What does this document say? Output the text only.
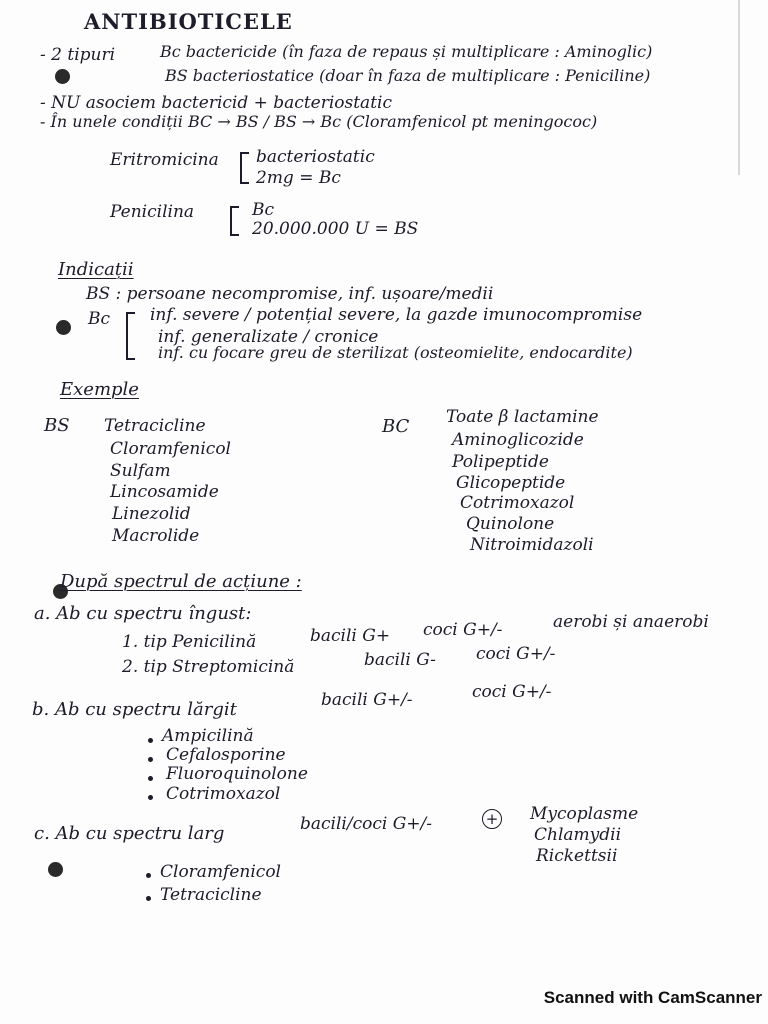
ANTIBIOTICELE
- 2 tipuri	Bc bactericide (în faza de repaus și multiplicare : Aminoglic)
BS bacteriostatice (doar în faza de multiplicare : Peniciline)
- NU asociem bactericid + bacteriostatic
- În unele condiții BC → BS / BS → Bc (Cloramfenicol pt meningococ)
Eritromicina bacteriostatic
2mg = Bc
Penicilina	Bc
20.000.000 U = BS
Indicații
BS : persoane necompromise, inf. ușoare/medii
Bc inf. severe / potențial severe, la gazde imunocompromise
inf. generalizate / cronice
inf. cu focare greu de sterilizat (osteomielite, endocardite)
Exemple
BS Tetracicline
Cloramfenicol
Sulfam
Lincosamide
Linezolid
Macrolide
BC Toate β lactamine
Aminoglicozide
Polipeptide
Glicopeptide
Cotrimoxazol
Quinolone
Nitroimidazoli
După spectrul de acțiune :
a. Ab cu spectru îngust:
1. tip Penicilină	bacili G+ coci G+/-	aerobi și anaerobi
2. tip Streptomicină	bacili G- coci G+/-
b. Ab cu spectru lărgit	bacili G+/-	coci G+/-
Ampicilină
Cefalosporine
Fluoroquinolone
Cotrimoxazol
c. Ab cu spectru larg	bacili/coci G+/-	+ Mycoplasme
Chlamydii
Rickettsii
Cloramfenicol
Tetracicline
Scanned with CamScanner
